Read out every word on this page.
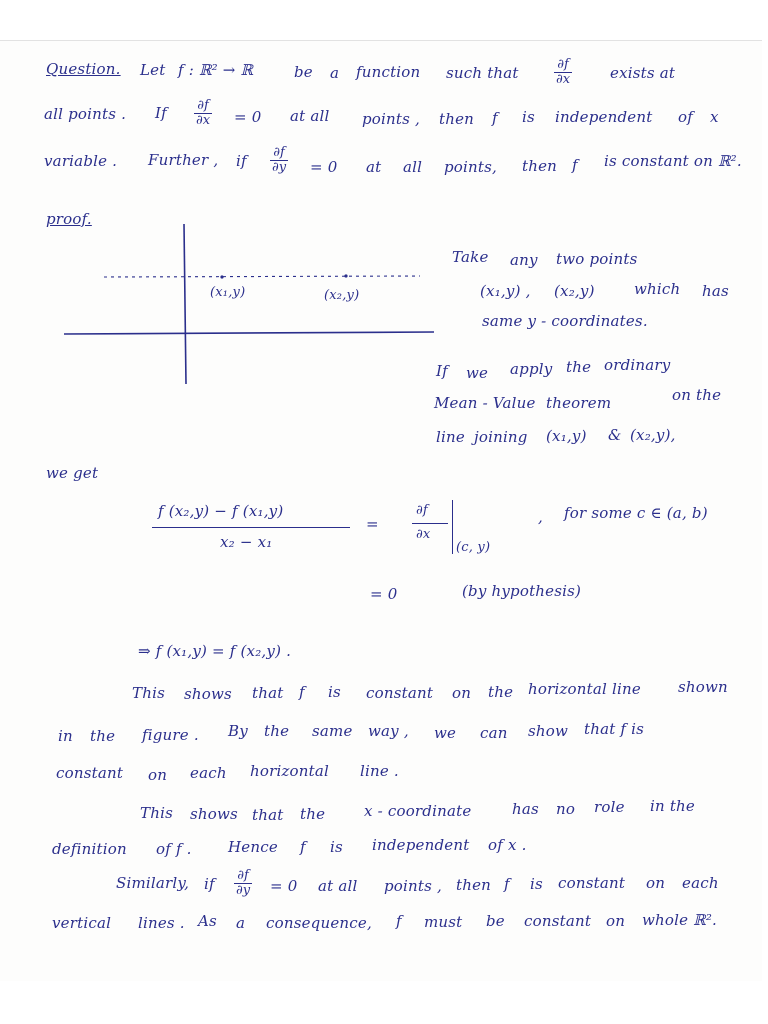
Question. Let f : ℝ² → ℝ	be a function such that	$\frac{\partial f}{\partial x}$	exists at
all points . If $\frac{\partial f}{\partial x} = 0$ at all points , then f is independent of x
variable . Further , if $\frac{\partial f}{\partial y} = 0$ at all points, then f is constant on ℝ².
proof.
(x₁,y)	(x₂,y)
Take any two points
(x₁,y) , (x₂,y)	which has
same y - coordinates.
If we apply the ordinary
Mean - Value theorem	on the
line joining (x₁,y) & (x₂,y),
we get
f (x₂,y) − f (x₁,y)
x₂ − x₁
=
∂f
∂x
(c, y)
, for some c ∈ (a, b)
= 0	(by hypothesis)
⇒ f (x₁,y) = f (x₂,y) .
This shows that f is constant on the horizontal line shown
in the figure . By the same way , we can show that f is
constant on each horizontal line .
This shows that the	x - coordinate	has no role in the
definition of f . Hence f is independent of x .
Similarly, if $\frac{\partial f}{\partial y} = 0$ at all points , then f is constant on each
vertical lines . As a consequence, f must be constant on whole ℝ².
